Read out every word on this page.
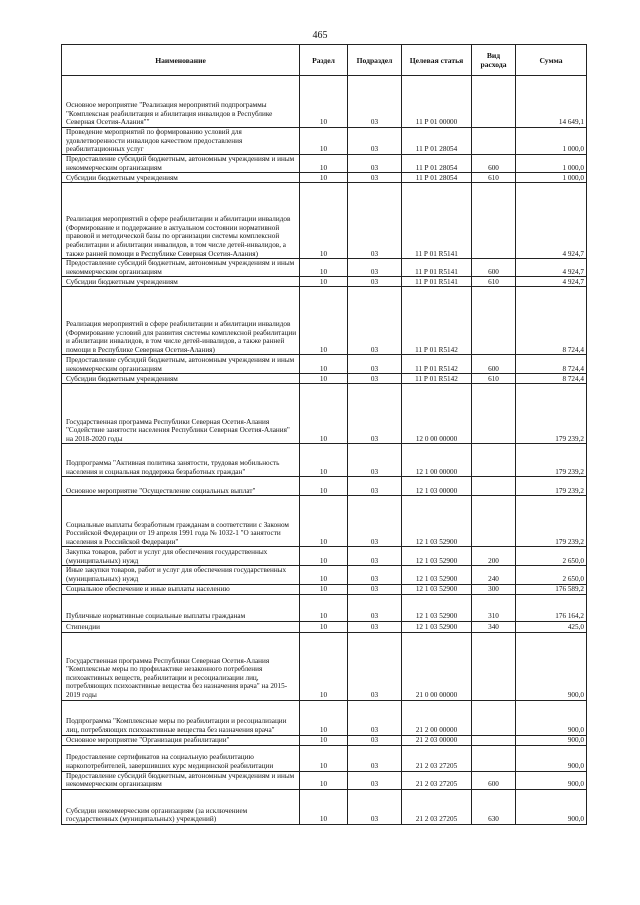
465
Наименование	Раздел	Подраздел	Целевая статья	Вид расхода	Сумма
Основное мероприятие "Реализация мероприятий подпрограммы "Комплексная реабилитация и абилитация инвалидов в Республике Северная Осетия-Алания""	10	03	11 Р 01 00000		14 649,1
Проведение мероприятий по формированию условий для удовлетворенности инвалидов качеством предоставления реабилитационных услуг	10	03	11 Р 01 28054		1 000,0
Предоставление субсидий бюджетным, автономным учреждениям и иным некоммерческим организациям	10	03	11 Р 01 28054	600	1 000,0
Субсидии бюджетным учреждениям	10	03	11 Р 01 28054	610	1 000,0
Реализация мероприятий в сфере реабилитации и абилитации инвалидов (Формирование и поддержание в актуальном состоянии нормативной правовой и методической базы по организации системы комплексной реабилитации и абилитации инвалидов, в том числе детей-инвалидов, а также ранней помощи в Республике Северная Осетия-Алания)	10	03	11 Р 01 R5141		4 924,7
Предоставление субсидий бюджетным, автономным учреждениям и иным некоммерческим организациям	10	03	11 Р 01 R5141	600	4 924,7
Субсидии бюджетным учреждениям	10	03	11 Р 01 R5141	610	4 924,7
Реализация мероприятий в сфере реабилитации и абилитации инвалидов (Формирование условий для развития системы комплексной реабилитации и абилитации инвалидов, в том числе детей-инвалидов, а также ранней помощи в Республике Северная Осетия-Алания)	10	03	11 Р 01 R5142		8 724,4
Предоставление субсидий бюджетным, автономным учреждениям и иным некоммерческим организациям	10	03	11 Р 01 R5142	600	8 724,4
Субсидии бюджетным учреждениям	10	03	11 Р 01 R5142	610	8 724,4
Государственная программа Республики Северная Осетия-Алания "Содействие занятости населения Республики Северная Осетия-Алания" на 2018-2020 годы	10	03	12 0 00 00000		179 239,2
Подпрограмма "Активная политика занятости, трудовая мобильность населения и социальная поддержка безработных граждан"	10	03	12 1 00 00000		179 239,2
Основное мероприятие "Осуществление социальных выплат"	10	03	12 1 03 00000		179 239,2
Социальные выплаты безработным гражданам в соответствии с Законом Российской Федерации от 19 апреля 1991 года № 1032-1 "О занятости населения в Российской Федерации"	10	03	12 1 03 52900		179 239,2
Закупка товаров, работ и услуг для обеспечения государственных (муниципальных) нужд	10	03	12 1 03 52900	200	2 650,0
Иные закупки товаров, работ и услуг для обеспечения государственных (муниципальных) нужд	10	03	12 1 03 52900	240	2 650,0
Социальное обеспечение и иные выплаты населению	10	03	12 1 03 52900	300	176 589,2
Публичные нормативные социальные выплаты гражданам	10	03	12 1 03 52900	310	176 164,2
Стипендии	10	03	12 1 03 52900	340	425,0
Государственная программа Республики Северная Осетия-Алания "Комплексные меры по профилактике незаконного потребления психоактивных веществ, реабилитации и ресоциализации лиц, потребляющих психоактивные вещества без назначения врача" на 2015-2019 годы	10	03	21 0 00 00000		900,0
Подпрограмма "Комплексные меры по реабилитации и ресоциализации лиц, потребляющих психоактивные вещества без назначения врача"	10	03	21 2 00 00000		900,0
Основное мероприятие "Организация реабилитации"	10	03	21 2 03 00000		900,0
Предоставление сертификатов на социальную реабилитацию наркопотребителей, завершивших курс медицинской реабилитации	10	03	21 2 03 27205		900,0
Предоставление субсидий бюджетным, автономным учреждениям и иным некоммерческим организациям	10	03	21 2 03 27205	600	900,0
Субсидии некоммерческим организациям (за исключением государственных (муниципальных) учреждений)	10	03	21 2 03 27205	630	900,0
